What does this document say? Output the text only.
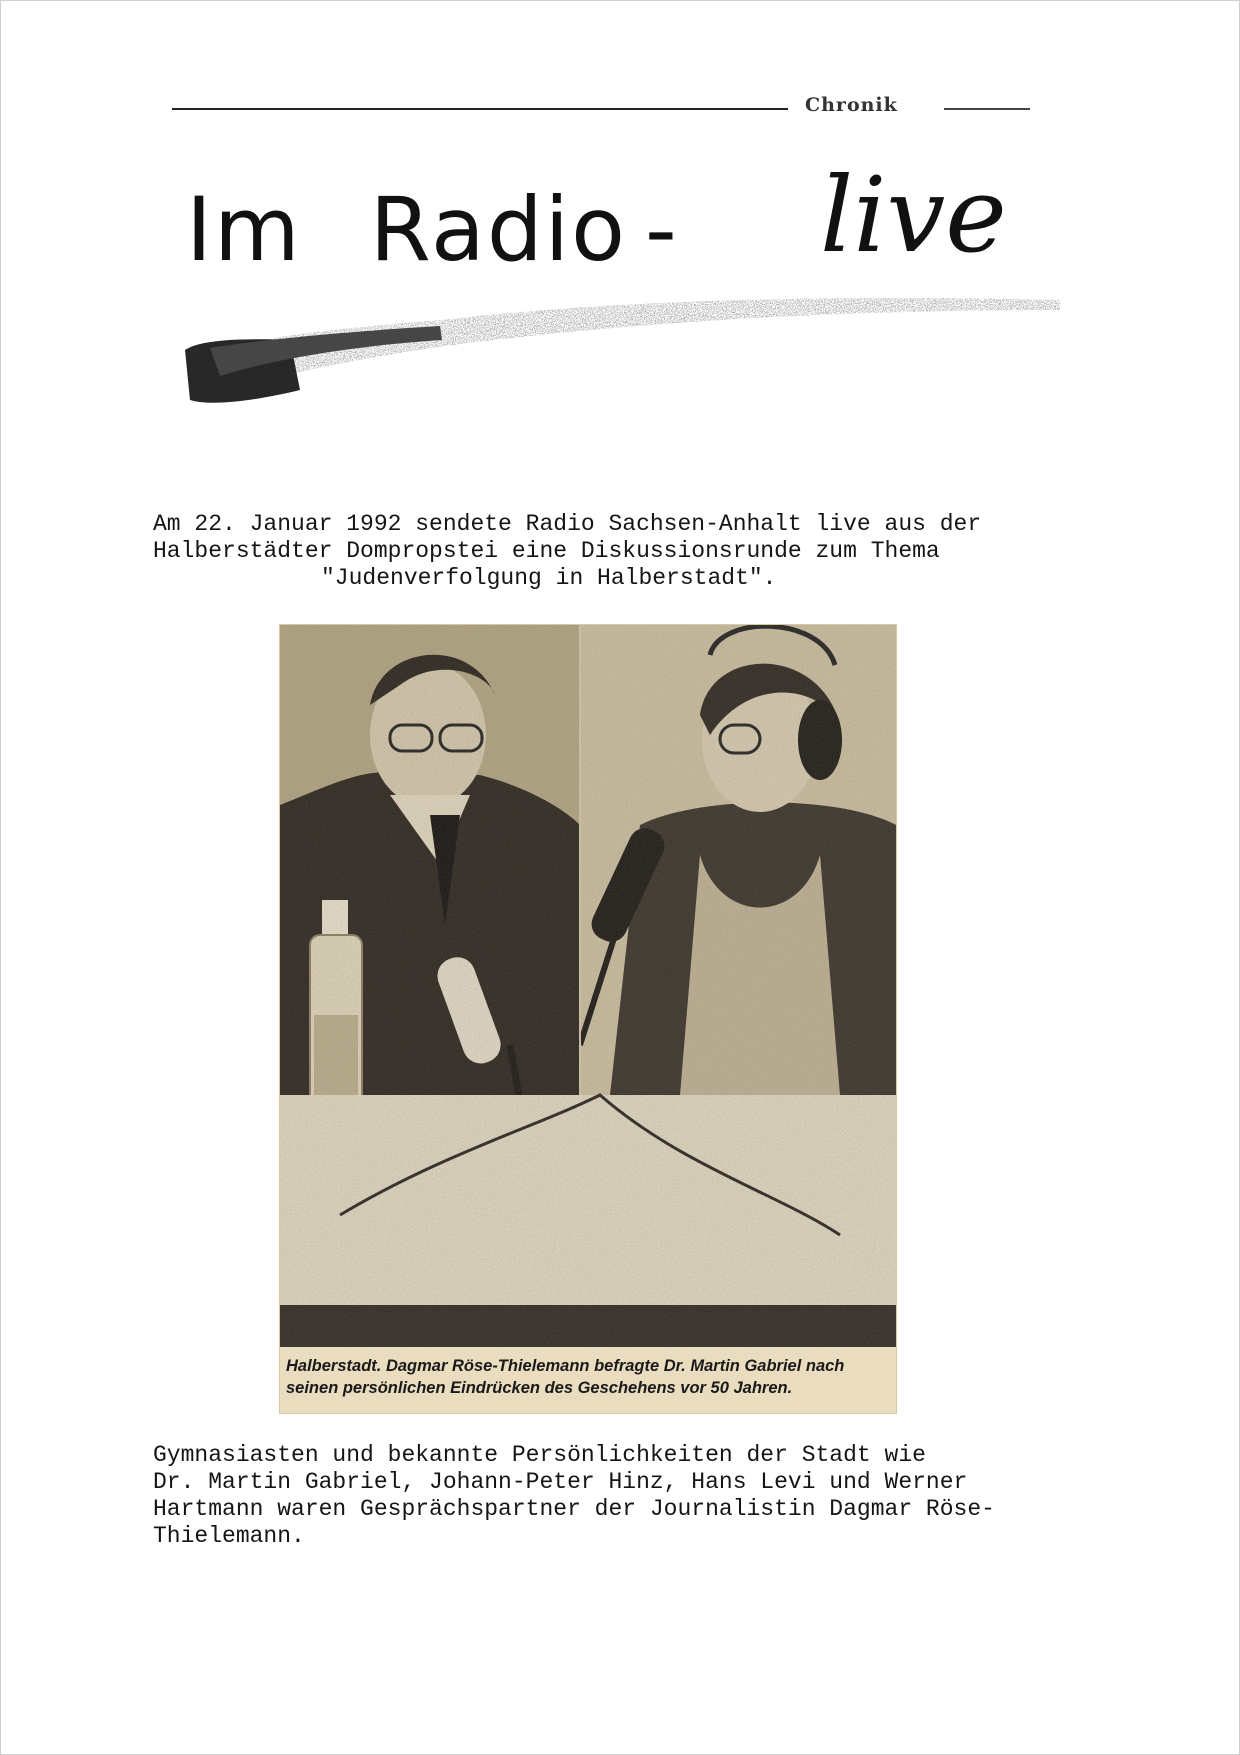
Chronik
Im Radio - live
Am 22. Januar 1992 sendete Radio Sachsen-Anhalt live aus der
Halberstädter Dompropstei eine Diskussionsrunde zum Thema
"Judenverfolgung in Halberstadt".
Halberstadt. Dagmar Röse-Thielemann befragte Dr. Martin Gabriel nach
seinen persönlichen Eindrücken des Geschehens vor 50 Jahren.
Gymnasiasten und bekannte Persönlichkeiten der Stadt wie
Dr. Martin Gabriel, Johann-Peter Hinz, Hans Levi und Werner
Hartmann waren Gesprächspartner der Journalistin Dagmar Röse-
Thielemann.
